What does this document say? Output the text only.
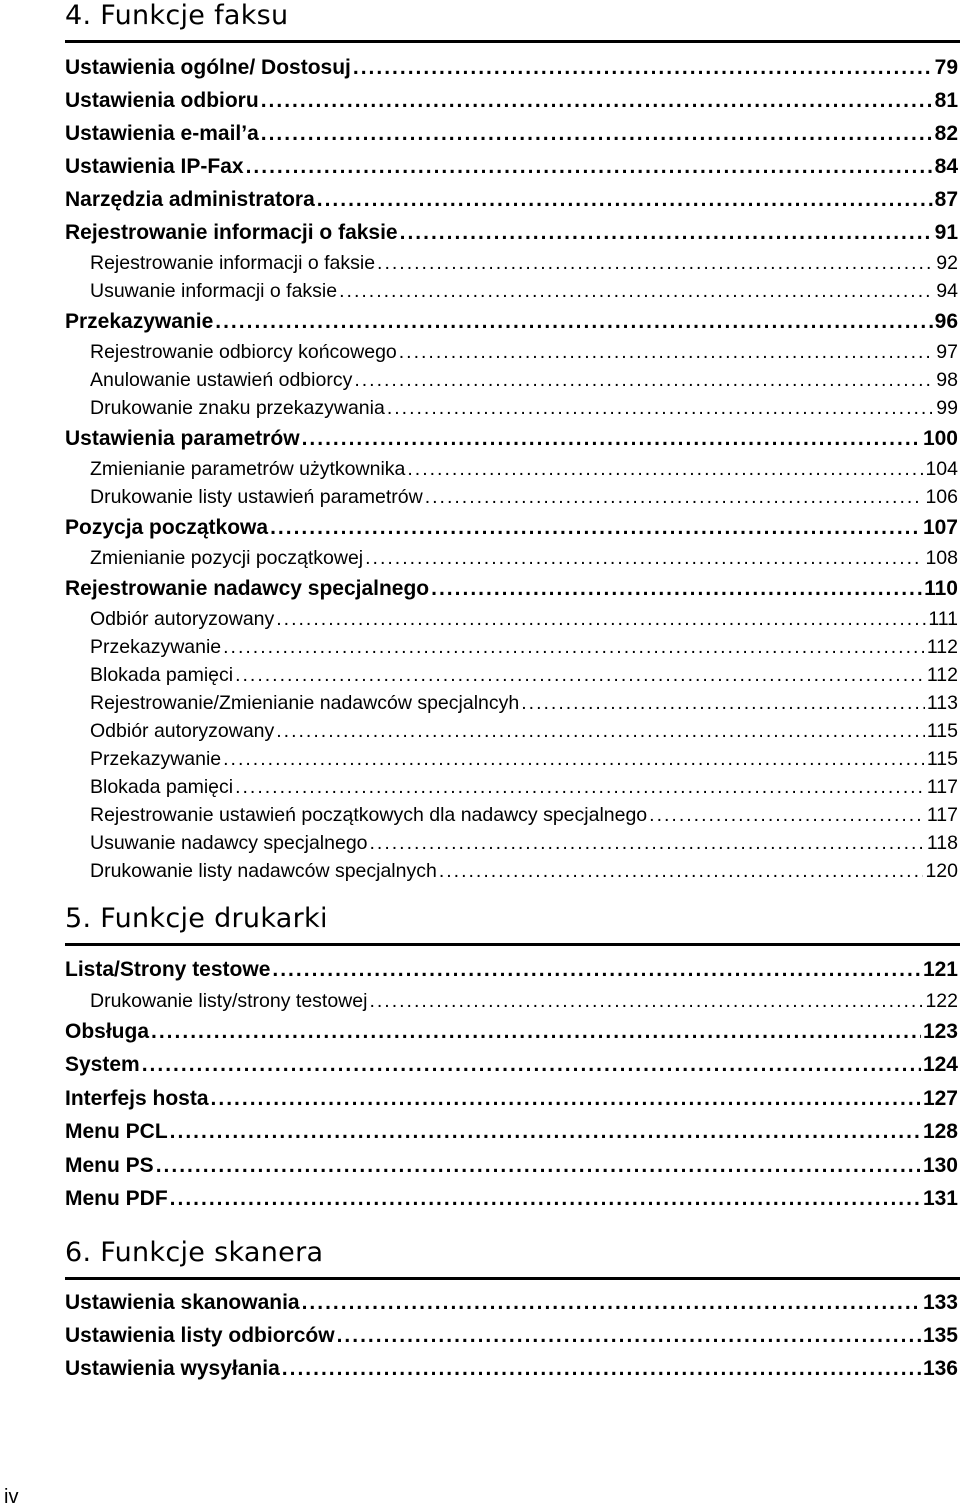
4. Funkcje faksu
Ustawienia ogólne/ Dostosuj .....	79
Ustawienia odbioru .....	81
Ustawienia e-mail’a .....	82
Ustawienia IP-Fax .....	84
Narzędzia administratora .....	87
Rejestrowanie informacji o faksie .....	91
Rejestrowanie informacji o faksie .....	92
Usuwanie informacji o faksie .....	94
Przekazywanie .....	96
Rejestrowanie odbiorcy końcowego .....	97
Anulowanie ustawień odbiorcy .....	98
Drukowanie znaku przekazywania .....	99
Ustawienia parametrów .....	100
Zmienianie parametrów użytkownika .....	104
Drukowanie listy ustawień parametrów .....	106
Pozycja początkowa .....	107
Zmienianie pozycji początkowej .....	108
Rejestrowanie nadawcy specjalnego .....	110
Odbiór autoryzowany .....	111
Przekazywanie .....	112
Blokada pamięci .....	112
Rejestrowanie/Zmienianie nadawców specjalncyh .....	113
Odbiór autoryzowany .....	115
Przekazywanie .....	115
Blokada pamięci .....	117
Rejestrowanie ustawień początkowych dla nadawcy specjalnego .....	117
Usuwanie nadawcy specjalnego .....	118
Drukowanie listy nadawców specjalnych .....	120
5. Funkcje drukarki
Lista/Strony testowe .....	121
Drukowanie listy/strony testowej .....	122
Obsługa .....	123
System .....	124
Interfejs hosta .....	127
Menu PCL .....	128
Menu PS .....	130
Menu PDF .....	131
6. Funkcje skanera
Ustawienia skanowania .....	133
Ustawienia listy odbiorców .....	135
Ustawienia wysyłania .....	136
iv
